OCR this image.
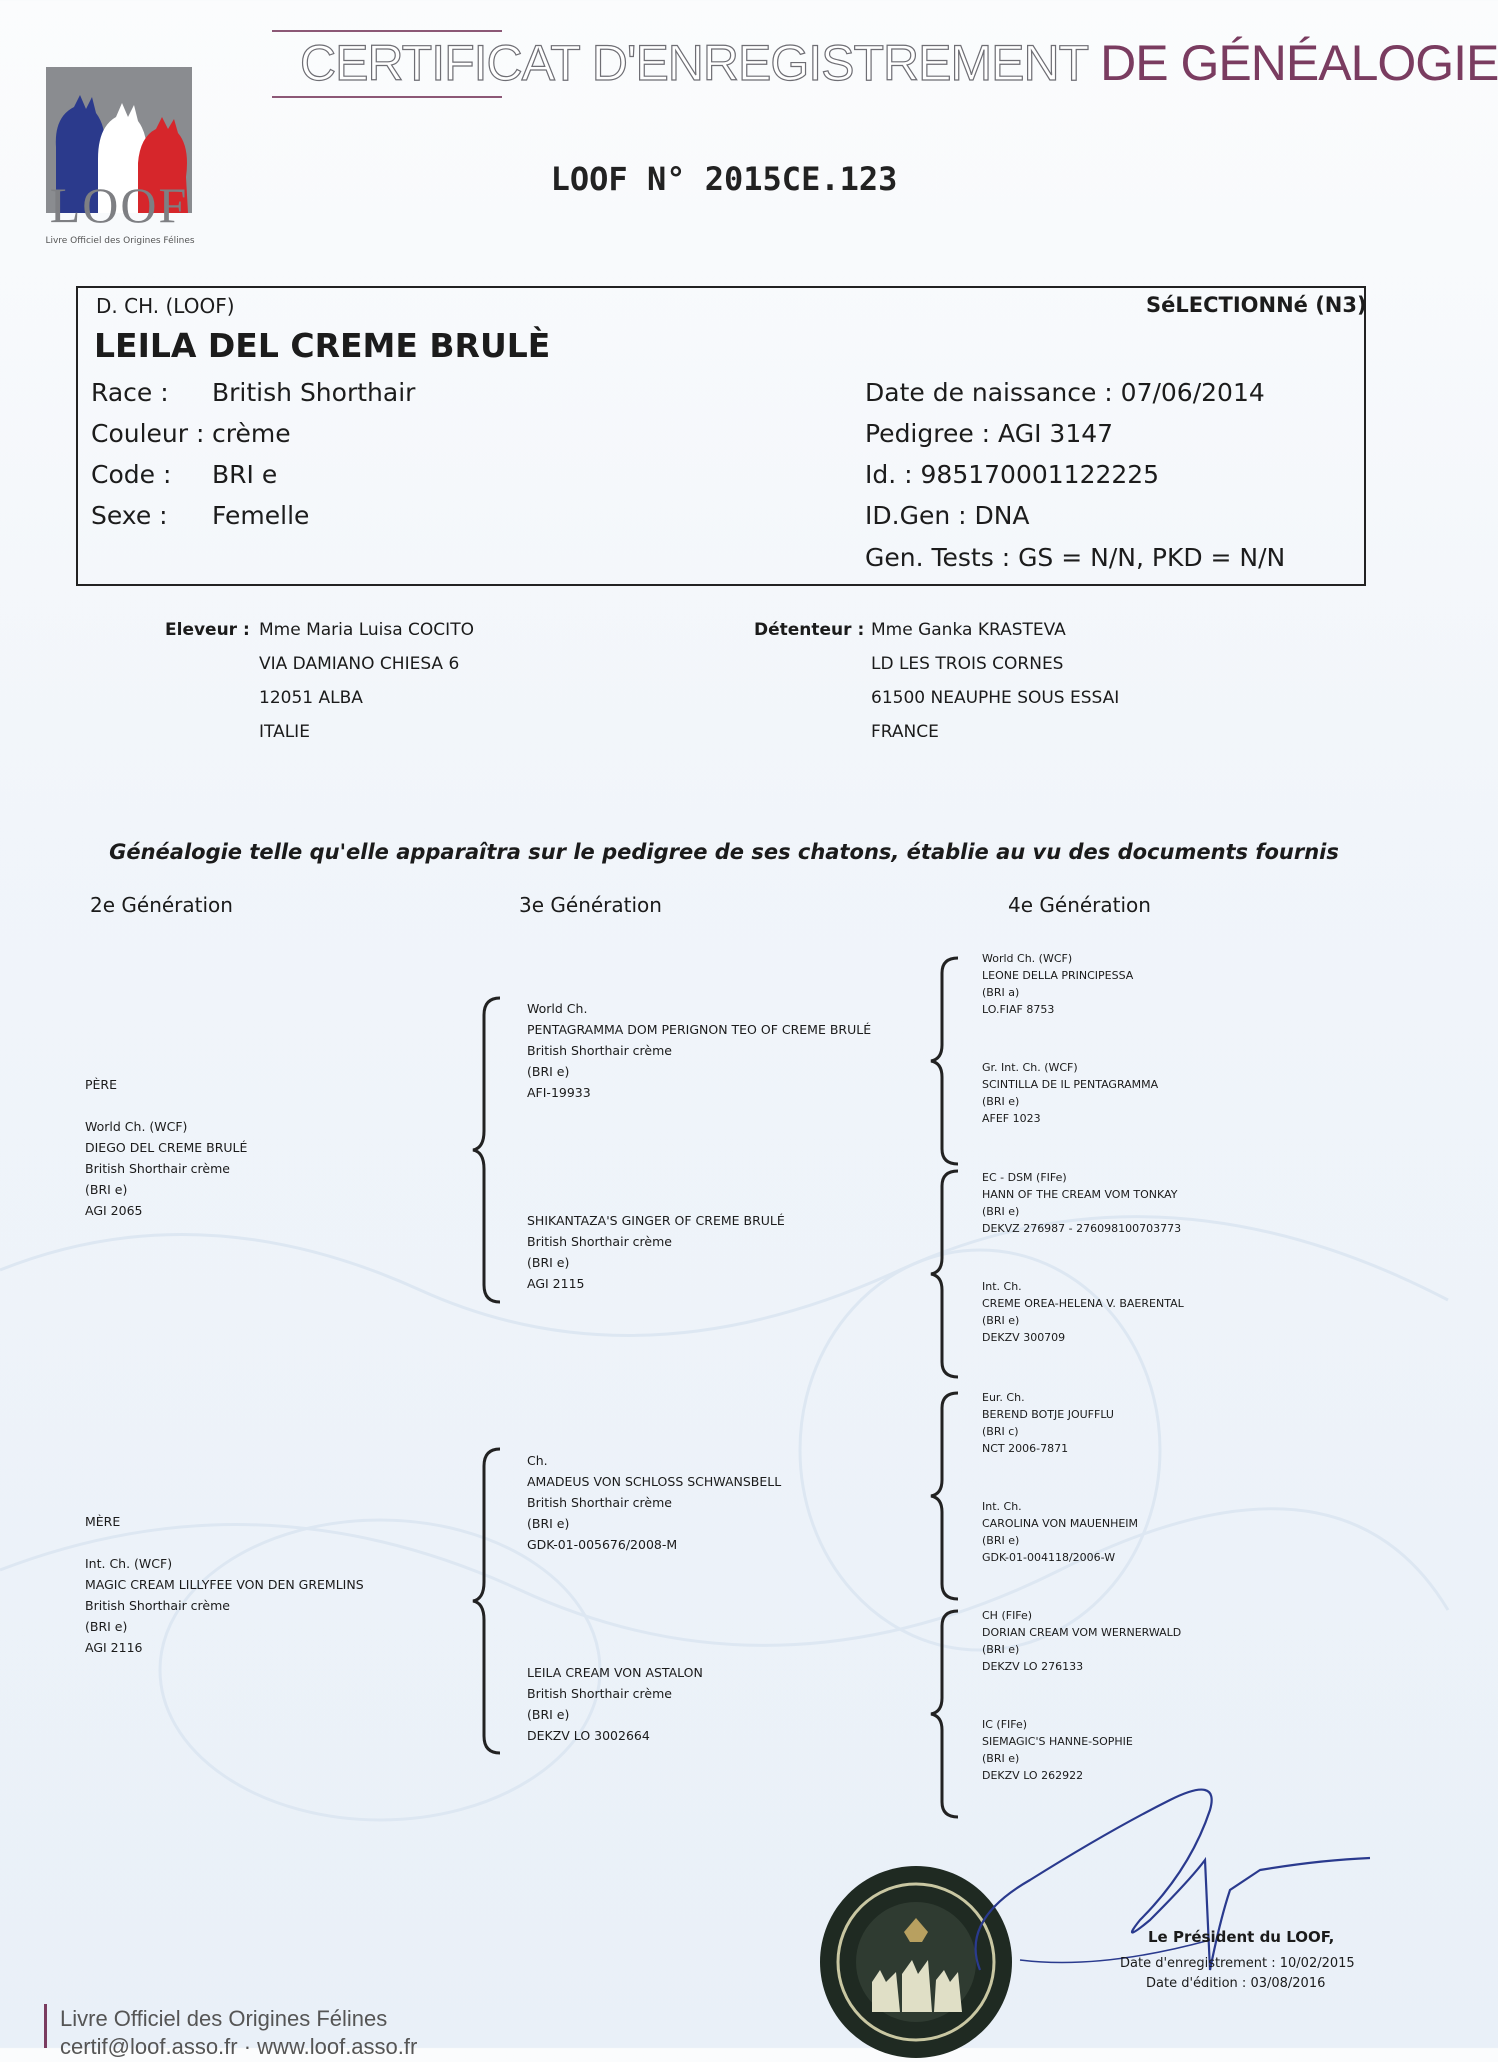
LOOF
Livre Officiel des Origines Félines
CERTIFICAT D'ENREGISTREMENT DE GÉNÉALOGIE
LOOF N° 2015CE.123
D. CH. (LOOF)	SéLECTIONNé (N3)
LEILA DEL CREME BRULÈ
Race : British Shorthair
Couleur : crème
Code : BRI e
Sexe : Femelle
Date de naissance : 07/06/2014
Pedigree : AGI 3147
Id. : 985170001122225
ID.Gen : DNA
Gen. Tests : GS = N/N, PKD = N/N
Eleveur : Mme Maria Luisa COCITO
VIA DAMIANO CHIESA 6
12051 ALBA
ITALIE
Détenteur : Mme Ganka KRASTEVA
LD LES TROIS CORNES
61500 NEAUPHE SOUS ESSAI
FRANCE
Généalogie telle qu'elle apparaîtra sur le pedigree de ses chatons, établie au vu des documents fournis
2e Génération	3e Génération	4e Génération
PÈRE
World Ch. (WCF)
DIEGO DEL CREME BRULÉ
British Shorthair crème
(BRI e)
AGI 2065
MÈRE
Int. Ch. (WCF)
MAGIC CREAM LILLYFEE VON DEN GREMLINS
British Shorthair crème
(BRI e)
AGI 2116
World Ch.
PENTAGRAMMA DOM PERIGNON TEO OF CREME BRULÉ
British Shorthair crème
(BRI e)
AFI-19933
SHIKANTAZA'S GINGER OF CREME BRULÉ
British Shorthair crème
(BRI e)
AGI 2115
Ch.
AMADEUS VON SCHLOSS SCHWANSBELL
British Shorthair crème
(BRI e)
GDK-01-005676/2008-M
LEILA CREAM VON ASTALON
British Shorthair crème
(BRI e)
DEKZV LO 3002664
World Ch. (WCF)
LEONE DELLA PRINCIPESSA
(BRI a)
LO.FIAF 8753
Gr. Int. Ch. (WCF)
SCINTILLA DE IL PENTAGRAMMA
(BRI e)
AFEF 1023
EC - DSM (FIFe)
HANN OF THE CREAM VOM TONKAY
(BRI e)
DEKVZ 276987 - 276098100703773
Int. Ch.
CREME OREA-HELENA V. BAERENTAL
(BRI e)
DEKZV 300709
Eur. Ch.
BEREND BOTJE JOUFFLU
(BRI c)
NCT 2006-7871
Int. Ch.
CAROLINA VON MAUENHEIM
(BRI e)
GDK-01-004118/2006-W
CH (FIFe)
DORIAN CREAM VOM WERNERWALD
(BRI e)
DEKZV LO 276133
IC (FIFe)
SIEMAGIC'S HANNE-SOPHIE
(BRI e)
DEKZV LO 262922
Le Président du LOOF,
Date d'enregistrement : 10/02/2015
Date d'édition : 03/08/2016
Livre Officiel des Origines Félines
certif@loof.asso.fr · www.loof.asso.fr
